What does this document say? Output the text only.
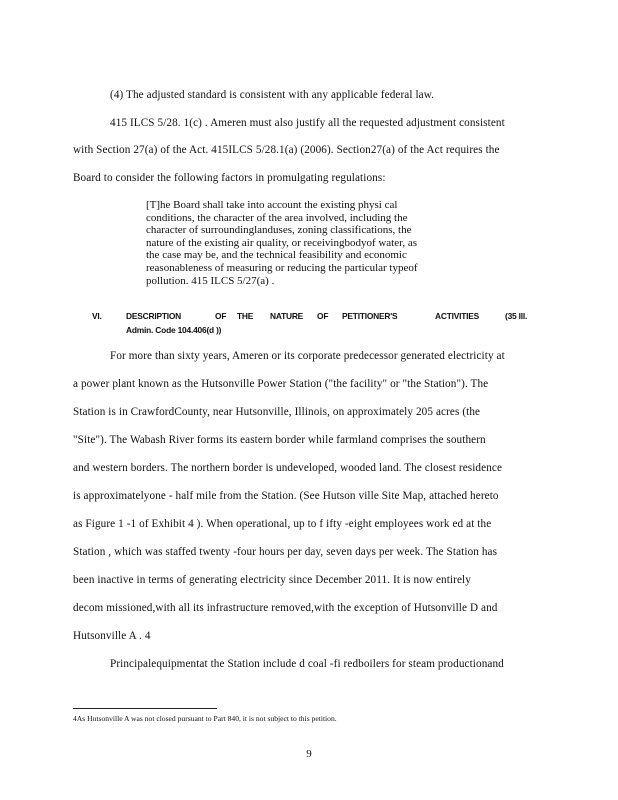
(4) The adjusted standard is consistent with any applicable federal law.
415 ILCS 5/28. 1(c) . Ameren must also justify all the requested adjustment consistent
with Section 27(a) of the Act. 415ILCS 5/28.1(a) (2006). Section27(a) of the Act requires the
Board to consider the following factors in promulgating regulations:
[T]he Board shall take into account the existing physi cal
conditions, the character of the area involved, including the
character of surroundinglanduses, zoning classifications, the
nature of the existing air quality, or receivingbodyof water, as
the case may be, and the technical feasibility and economic
reasonableness of measuring or reducing the particular typeof
pollution. 415 ILCS 5/27(a) .
VI.	DESCRIPTION	OF THE NATURE OF PETITIONER'S	ACTIVITIES	(35 Ill.
Admin. Code 104.406(d ))
For more than sixty years, Ameren or its corporate predecessor generated electricity at
a power plant known as the Hutsonville Power Station ("the facility" or "the Station"). The
Station is in CrawfordCounty, near Hutsonville, Illinois, on approximately 205 acres (the
"Site"). The Wabash River forms its eastern border while farmland comprises the southern
and western borders. The northern border is undeveloped, wooded land. The closest residence
is approximatelyone - half mile from the Station. (See Hutson ville Site Map, attached hereto
as Figure 1 -1 of Exhibit 4 ). When operational, up to f ifty -eight employees work ed at the
Station , which was staffed twenty -four hours per day, seven days per week. The Station has
been inactive in terms of generating electricity since December 2011. It is now entirely
decom missioned,with all its infrastructure removed,with the exception of Hutsonville D and
Hutsonville A . 4
Principalequipmentat the Station include d coal -fi redboilers for steam productionand
4As Hutsonville A was not closed pursuant to Part 840, it is not subject to this petition.
9
